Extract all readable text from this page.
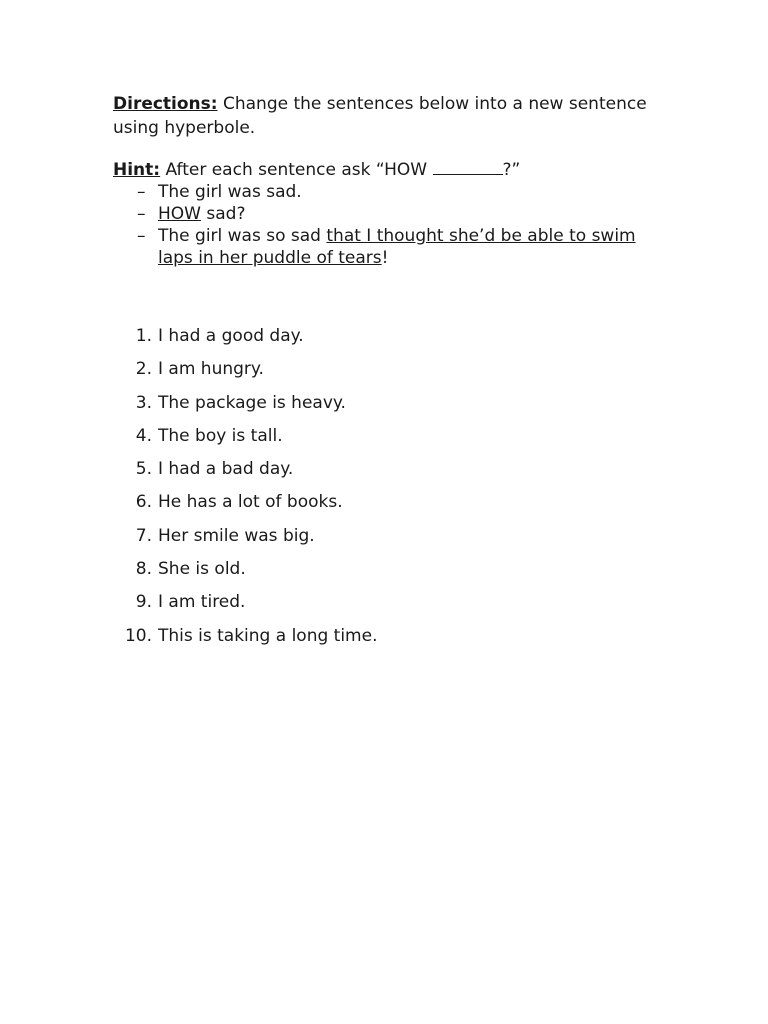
Directions: Change the sentences below into a new sentence using hyperbole.
Hint: After each sentence ask “HOW	?”
– The girl was sad.
– HOW sad?
– The girl was so sad that I thought she’d be able to swim laps in her puddle of tears!
1. I had a good day.
2. I am hungry.
3. The package is heavy.
4. The boy is tall.
5. I had a bad day.
6. He has a lot of books.
7. Her smile was big.
8. She is old.
9. I am tired.
10. This is taking a long time.
